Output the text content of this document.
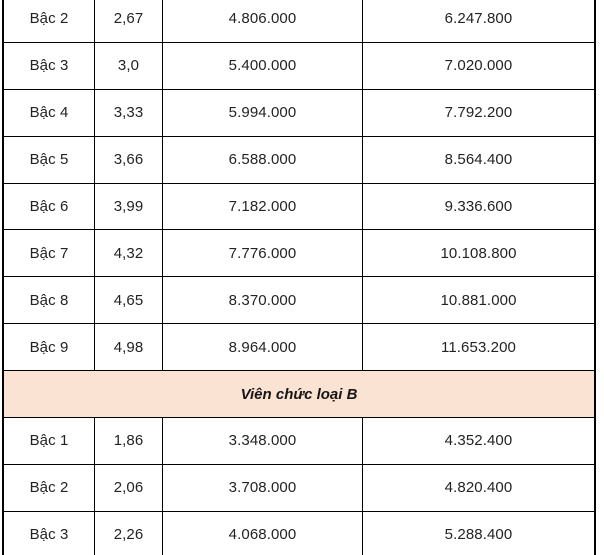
Bậc 2	2,67	4.806.000	6.247.800
Bậc 3	3,0	5.400.000	7.020.000
Bậc 4	3,33	5.994.000	7.792.200
Bậc 5	3,66	6.588.000	8.564.400
Bậc 6	3,99	7.182.000	9.336.600
Bậc 7	4,32	7.776.000	10.108.800
Bậc 8	4,65	8.370.000	10.881.000
Bậc 9	4,98	8.964.000	11.653.200
Viên chức loại B
Bậc 1	1,86	3.348.000	4.352.400
Bậc 2	2,06	3.708.000	4.820.400
Bậc 3	2,26	4.068.000	5.288.400
